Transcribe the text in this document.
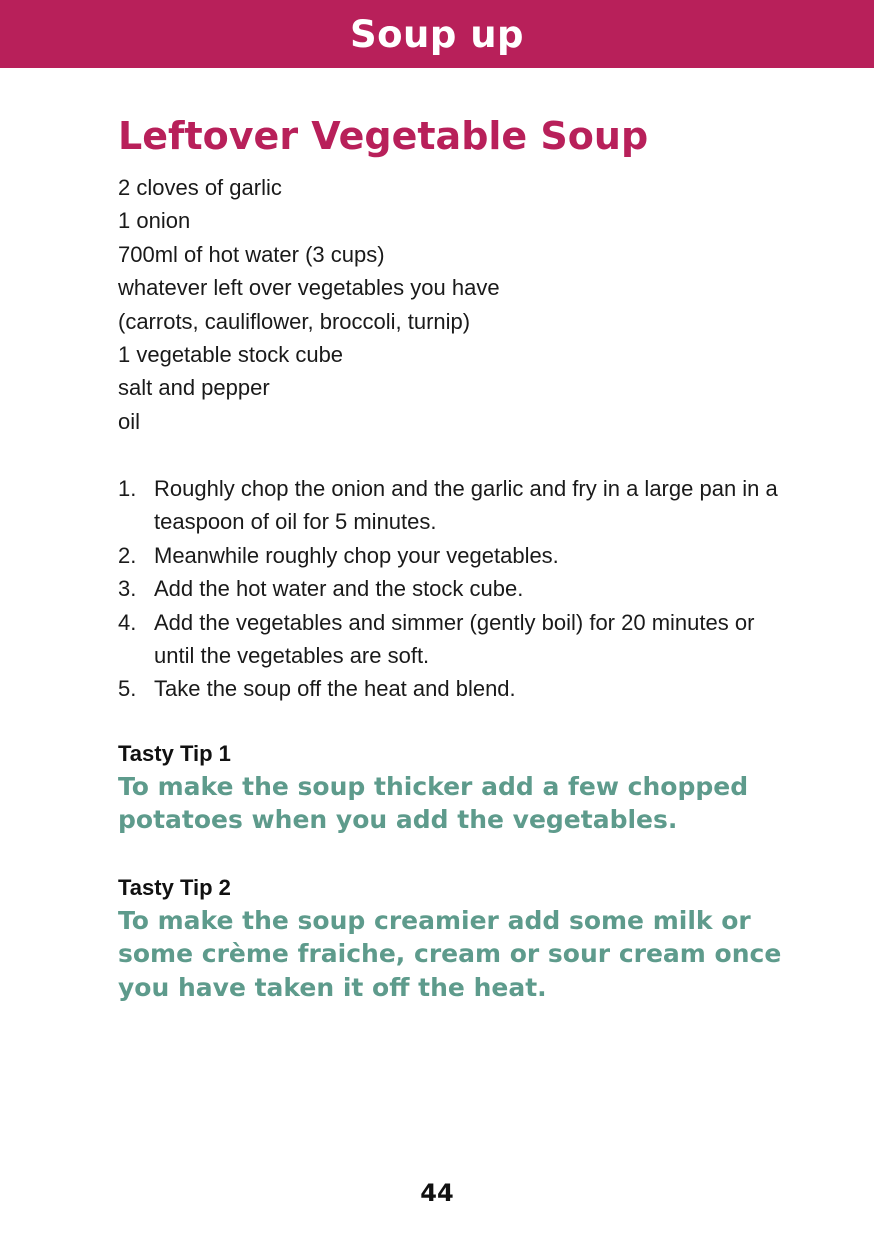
Soup up
Leftover Vegetable Soup
2 cloves of garlic
1 onion
700ml of hot water (3 cups)
whatever left over vegetables you have
(carrots, cauliflower, broccoli, turnip)
1 vegetable stock cube
salt and pepper
oil
1. Roughly chop the onion and the garlic and fry in a large pan in a teaspoon of oil for 5 minutes.
2. Meanwhile roughly chop your vegetables.
3. Add the hot water and the stock cube.
4. Add the vegetables and simmer (gently boil) for 20 minutes or until the vegetables are soft.
5. Take the soup off the heat and blend.

Tasty Tip 1

To make the soup thicker add a few chopped

potatoes when you add the vegetables.

Tasty Tip 2

To make the soup creamier add some milk or

some crème fraiche, cream or sour cream once

you have taken it off the heat.

44
